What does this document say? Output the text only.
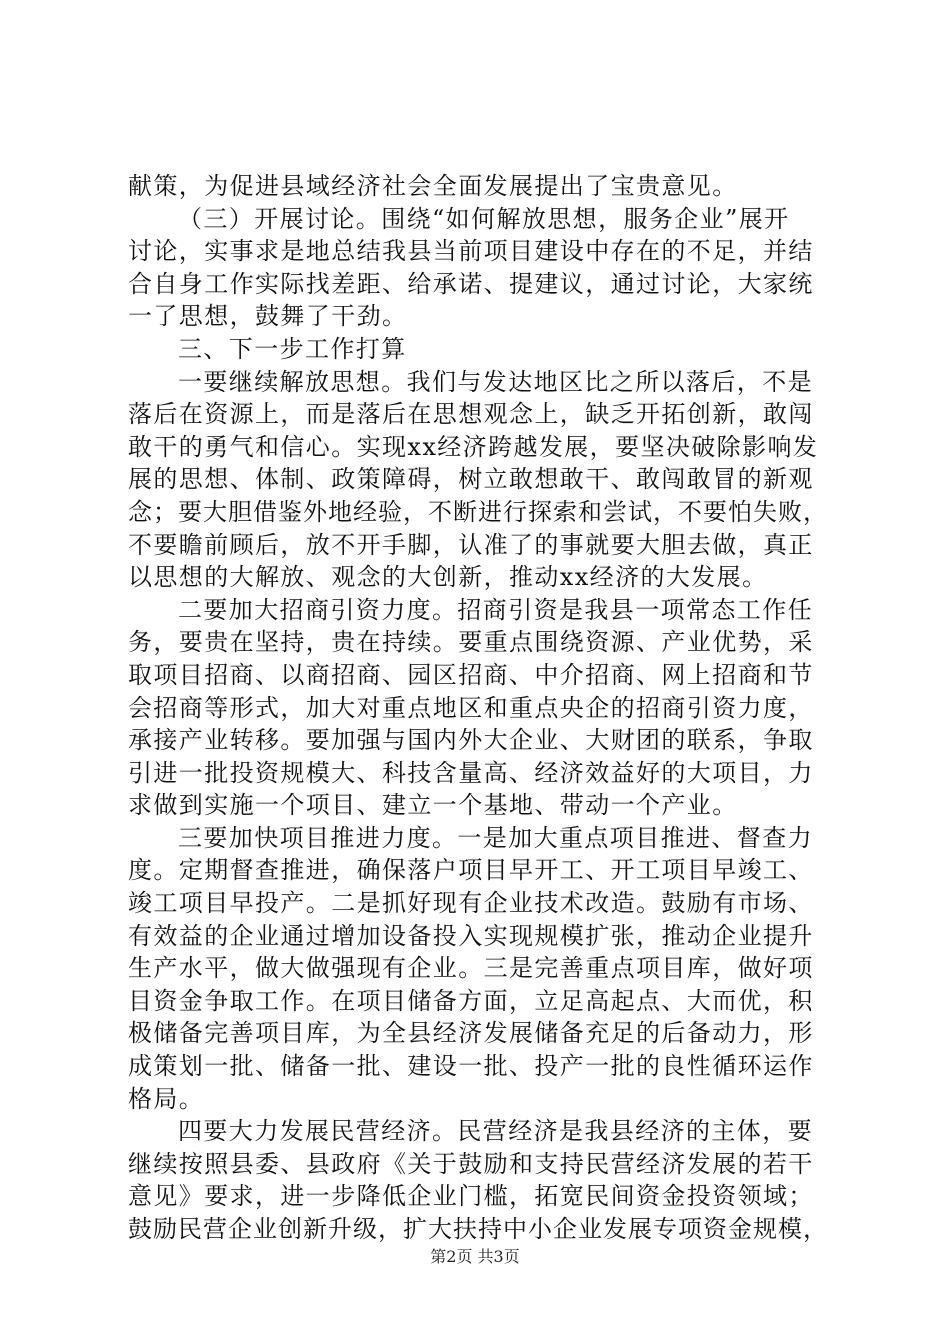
献策，为促进县域经济社会全面发展提出了宝贵意见。
（三）开展讨论。围绕“如何解放思想，服务企业”展开
讨论，实事求是地总结我县当前项目建设中存在的不足，并结
合自身工作实际找差距、给承诺、提建议，通过讨论，大家统
一了思想，鼓舞了干劲。
三、下一步工作打算
一要继续解放思想。我们与发达地区比之所以落后，不是
落后在资源上，而是落后在思想观念上，缺乏开拓创新，敢闯
敢干的勇气和信心。实现xx经济跨越发展，要坚决破除影响发
展的思想、体制、政策障碍，树立敢想敢干、敢闯敢冒的新观
念；要大胆借鉴外地经验，不断进行探索和尝试，不要怕失败，
不要瞻前顾后，放不开手脚，认准了的事就要大胆去做，真正
以思想的大解放、观念的大创新，推动xx经济的大发展。
二要加大招商引资力度。招商引资是我县一项常态工作任
务，要贵在坚持，贵在持续。要重点围绕资源、产业优势，采
取项目招商、以商招商、园区招商、中介招商、网上招商和节
会招商等形式，加大对重点地区和重点央企的招商引资力度，
承接产业转移。要加强与国内外大企业、大财团的联系，争取
引进一批投资规模大、科技含量高、经济效益好的大项目，力
求做到实施一个项目、建立一个基地、带动一个产业。
三要加快项目推进力度。一是加大重点项目推进、督查力
度。定期督查推进，确保落户项目早开工、开工项目早竣工、
竣工项目早投产。二是抓好现有企业技术改造。鼓励有市场、
有效益的企业通过增加设备投入实现规模扩张，推动企业提升
生产水平，做大做强现有企业。三是完善重点项目库，做好项
目资金争取工作。在项目储备方面，立足高起点、大而优，积
极储备完善项目库，为全县经济发展储备充足的后备动力，形
成策划一批、储备一批、建设一批、投产一批的良性循环运作
格局。
四要大力发展民营经济。民营经济是我县经济的主体，要
继续按照县委、县政府《关于鼓励和支持民营经济发展的若干
意见》要求，进一步降低企业门槛，拓宽民间资金投资领域；
鼓励民营企业创新升级，扩大扶持中小企业发展专项资金规模，
第2页 共3页
